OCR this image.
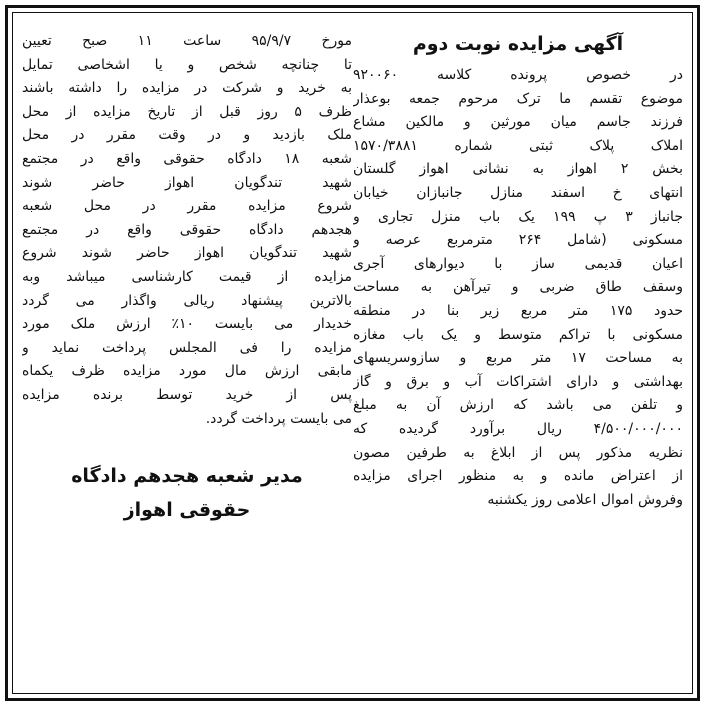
آگهی مزایده نوبت دوم
در خصوص پرونده کلاسه ۹۲۰۰۶۰
موضوع تقسم ما ترک مرحوم جمعه بوعذار
فرزند جاسم میان مورثین و مالکین مشاع
املاک پلاک ثبتی شماره ۱۵۷۰/۳۸۸۱
بخش ۲ اهواز به نشانی اهواز گلستان
انتهای خ اسفند منازل جانبازان خیابان
جانباز ۳ پ ۱۹۹ یک باب منزل تجاری و
مسکونی (شامل ۲۶۴ مترمربع عرصه و
اعیان قدیمی ساز با دیوارهای آجری
وسقف طاق ضربی و تیرآهن به مساحت
حدود ۱۷۵ متر مربع زیر بنا در منطقه
مسکونی با تراکم متوسط و یک باب مغازه
به مساحت ۱۷ متر مربع و سازوسریسهای
بهداشتی و دارای اشتراکات آب و برق و گاز
و تلفن می باشد که ارزش آن به مبلغ
۴/۵۰۰/۰۰۰/۰۰۰ ریال برآورد گردیده که
نظریه مذکور پس از ابلاغ به طرفین مصون
از اعتراض مانده و به منظور اجرای مزایده
وفروش اموال اعلامی روز یکشنبه
مورخ ۹۵/۹/۷ ساعت ۱۱ صبح تعیین
تا چنانچه شخص و یا اشخاصی تمایل
به خرید و شرکت در مزایده را داشته باشند
ظرف ۵ روز قبل از تاریخ مزایده از محل
ملک بازدید و در وقت مقرر در محل
شعبه ۱۸ دادگاه حقوقی واقع در مجتمع
شهید تندگویان اهواز حاضر شوند
شروع مزایده مقرر در محل شعبه
هجدهم دادگاه حقوقی واقع در مجتمع
شهید تندگویان اهواز حاضر شوند شروع
مزایده از قیمت کارشناسی میباشد وبه
بالاترین پیشنهاد ریالی واگذار می گردد
خدیدار می بایست ۱۰٪ ارزش ملک مورد
مزایده را فی المجلس پرداخت نماید و
مابقی ارزش مال مورد مزایده ظرف یکماه
پس از خرید توسط برنده مزایده
می بایست پرداخت گردد.
مدیر شعبه هجدهم دادگاه
حقوقی اهواز
